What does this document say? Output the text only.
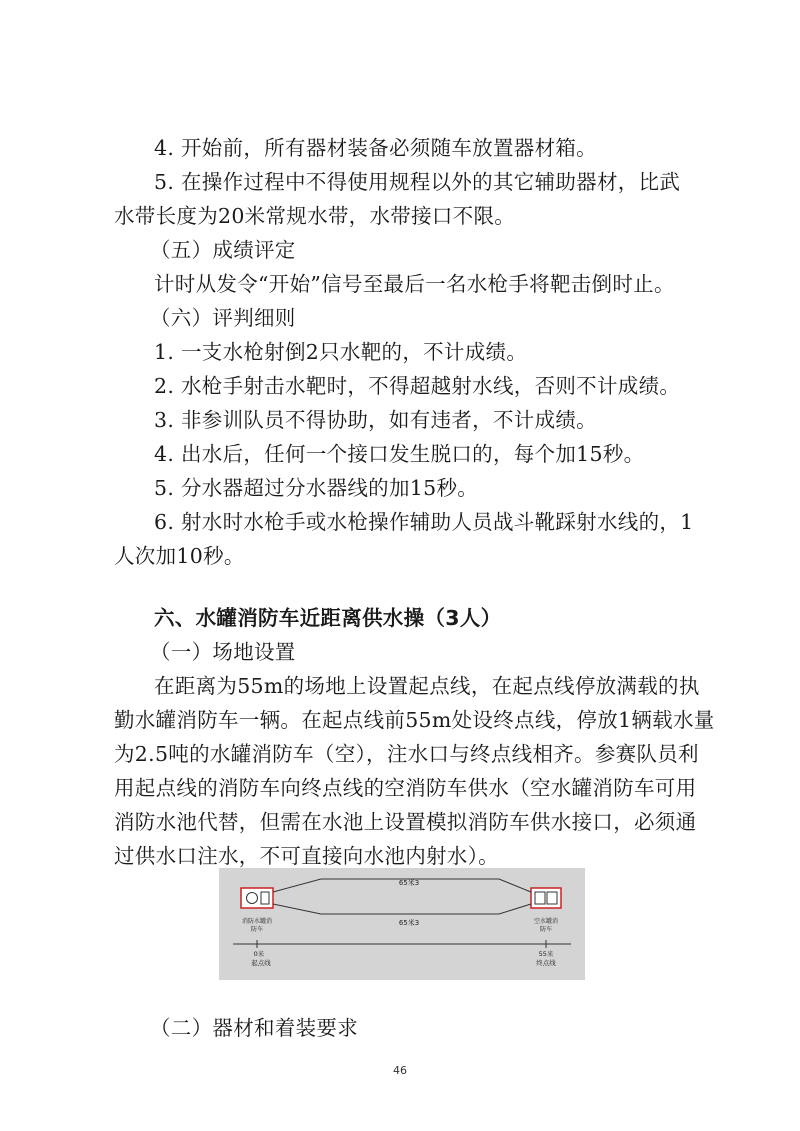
4. 开始前，所有器材装备必须随车放置器材箱。
5. 在操作过程中不得使用规程以外的其它辅助器材，比武
水带长度为20米常规水带，水带接口不限。
（五）成绩评定
计时从发令“开始”信号至最后一名水枪手将靶击倒时止。
（六）评判细则
1. 一支水枪射倒2只水靶的，不计成绩。
2. 水枪手射击水靶时，不得超越射水线，否则不计成绩。
3. 非参训队员不得协助，如有违者，不计成绩。
4. 出水后，任何一个接口发生脱口的，每个加15秒。
5. 分水器超过分水器线的加15秒。
6. 射水时水枪手或水枪操作辅助人员战斗靴踩射水线的，1
人次加10秒。
六、水罐消防车近距离供水操（3人）
（一）场地设置
在距离为55m的场地上设置起点线，在起点线停放满载的执
勤水罐消防车一辆。在起点线前55m处设终点线，停放1辆载水量
为2.5吨的水罐消防车（空），注水口与终点线相齐。参赛队员利
用起点线的消防车向终点线的空消防车供水（空水罐消防车可用
消防水池代替，但需在水池上设置模拟消防车供水接口，必须通
过供水口注水，不可直接向水池内射水）。
65米3
65米3
消防水罐消
防车
空水罐消
防车
0米
起点线
55米
终点线
（二）器材和着装要求
46
